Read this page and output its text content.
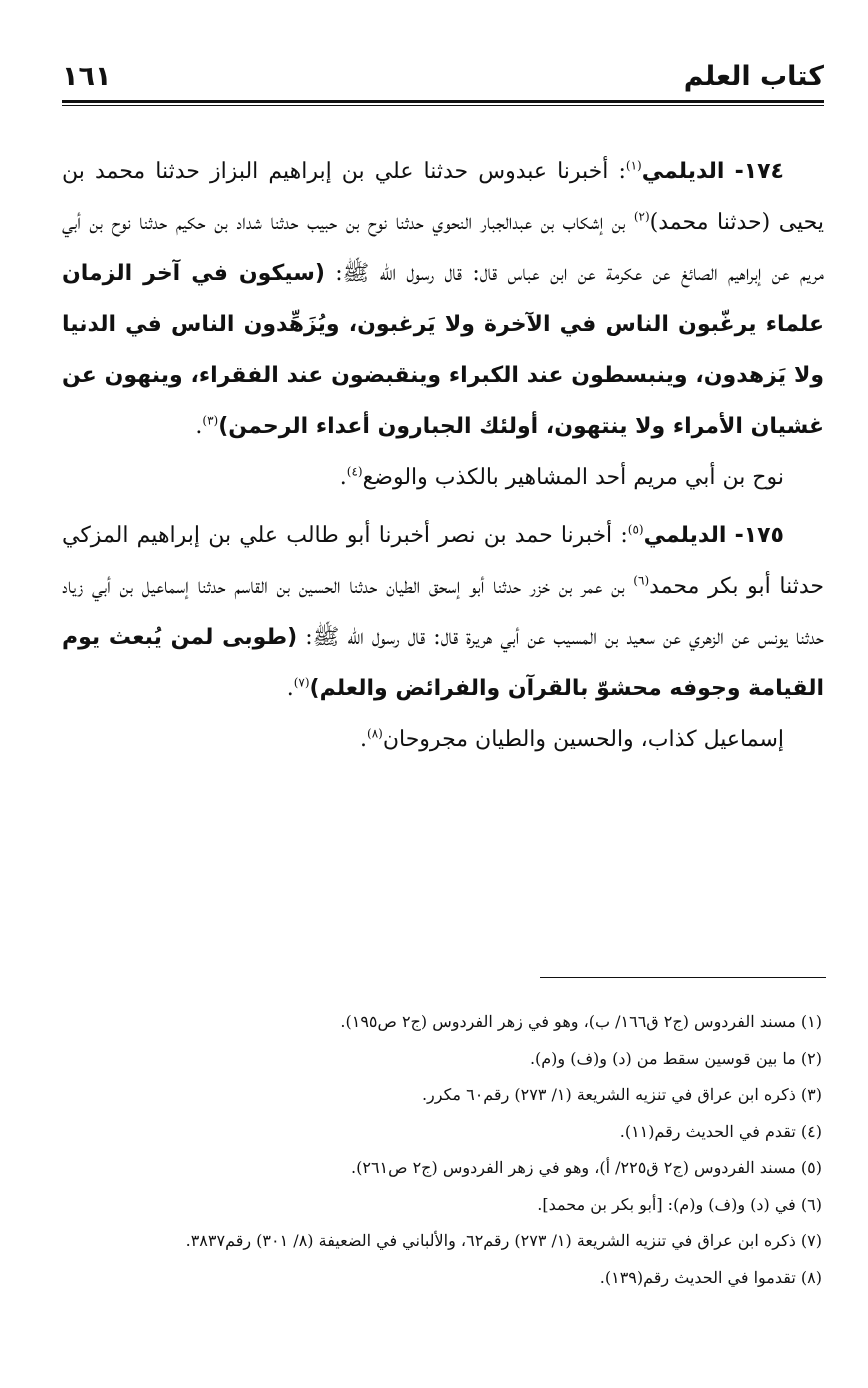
١٦١	كتاب العلم

١٧٤- الديلمي$^{(١)}$: أخبرنا عبدوس حدثنا علي بن إبراهيم البزاز حدثنا محمد بن يحيى (حدثنا محمد)$^{(٢)}$ بن إشكاب بن عبدالجبار النحوي حدثنا نوح بن حبيب حدثنا شداد بن حكيم حدثنا نوح بن أبي مريم عن إبراهيم الصائغ عن عكرمة عن ابن عباس قال: قال رسول الله ﷺ: (سيكون في آخر الزمان علماء يرغّبون الناس في الآخرة ولا يَرغبون، ويُزَهِّدون الناس في الدنيا ولا يَزهدون، وينبسطون عند الكبراء وينقبضون عند الفقراء، وينهون عن غشيان الأمراء ولا ينتهون، أولئك الجبارون أعداء الرحمن)$^{(٣)}$.

نوح بن أبي مريم أحد المشاهير بالكذب والوضع$^{(٤)}$.

١٧٥- الديلمي$^{(٥)}$: أخبرنا حمد بن نصر أخبرنا أبو طالب علي بن إبراهيم المزكي حدثنا أبو بكر محمد$^{(٦)}$ بن عمر بن خزر حدثنا أبو إسحق الطيان حدثنا الحسين بن القاسم حدثنا إسماعيل بن أبي زياد حدثنا يونس عن الزهري عن سعيد بن المسيب عن أبي هريرة قال: قال رسول الله ﷺ: (طوبى لمن يُبعث يوم القيامة وجوفه محشوّ بالقرآن والفرائض والعلم)$^{(٧)}$.

إسماعيل كذاب، والحسين والطيان مجروحان$^{(٨)}$.

(١) مسند الفردوس (ج٢ ق١٦٦/ ب)، وهو في زهر الفردوس (ج٢ ص١٩٥).
(٢) ما بين قوسين سقط من (د) و(ف) و(م).
(٣) ذكره ابن عراق في تنزيه الشريعة (١/ ٢٧٣) رقم٦٠ مكرر.
(٤) تقدم في الحديث رقم(١١).
(٥) مسند الفردوس (ج٢ ق٢٢٥/ أ)، وهو في زهر الفردوس (ج٢ ص٢٦١).
(٦) في (د) و(ف) و(م): [أبو بكر بن محمد].
(٧) ذكره ابن عراق في تنزيه الشريعة (١/ ٢٧٣) رقم٦٢، والألباني في الضعيفة (٨/ ٣٠١) رقم٣٨٣٧.
(٨) تقدموا في الحديث رقم(١٣٩).
